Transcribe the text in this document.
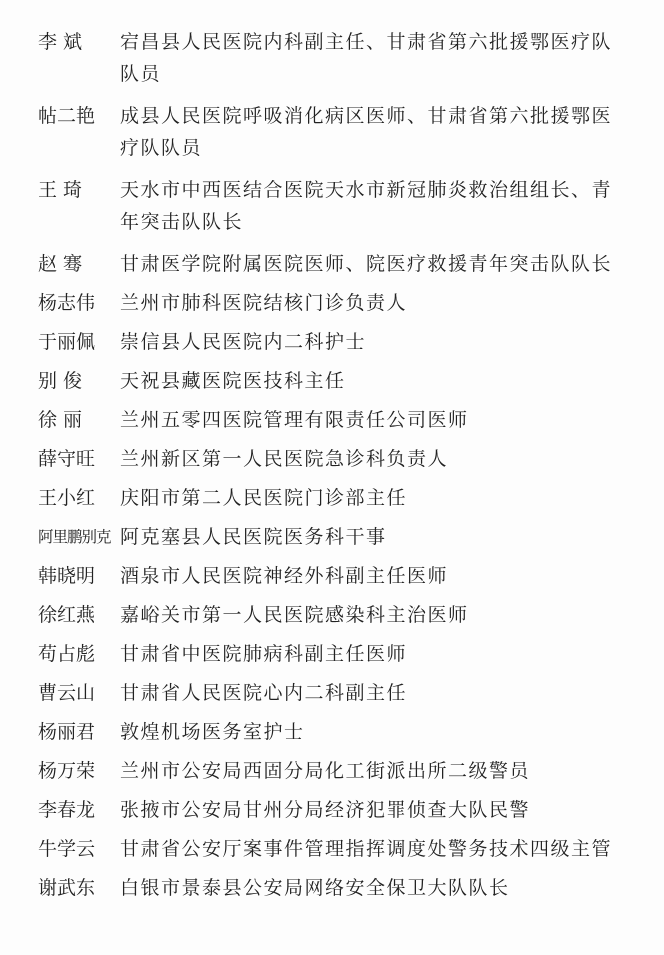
李 斌	宕昌县人民医院内科副主任、甘肃省第六批援鄂医疗队队员
帖二艳	成县人民医院呼吸消化病区医师、甘肃省第六批援鄂医疗队队员
王 琦	天水市中西医结合医院天水市新冠肺炎救治组组长、青年突击队队长
赵 骞	甘肃医学院附属医院医师、院医疗救援青年突击队队长
杨志伟	兰州市肺科医院结核门诊负责人
于丽佩	崇信县人民医院内二科护士
别 俊	天祝县藏医院医技科主任
徐 丽	兰州五零四医院管理有限责任公司医师
薛守旺	兰州新区第一人民医院急诊科负责人
王小红	庆阳市第二人民医院门诊部主任
阿里鹏别克 阿克塞县人民医院医务科干事
韩晓明	酒泉市人民医院神经外科副主任医师
徐红燕	嘉峪关市第一人民医院感染科主治医师
苟占彪	甘肃省中医院肺病科副主任医师
曹云山	甘肃省人民医院心内二科副主任
杨丽君	敦煌机场医务室护士
杨万荣	兰州市公安局西固分局化工街派出所二级警员
李春龙	张掖市公安局甘州分局经济犯罪侦查大队民警
牛学云	甘肃省公安厅案事件管理指挥调度处警务技术四级主管
谢武东	白银市景泰县公安局网络安全保卫大队队长
